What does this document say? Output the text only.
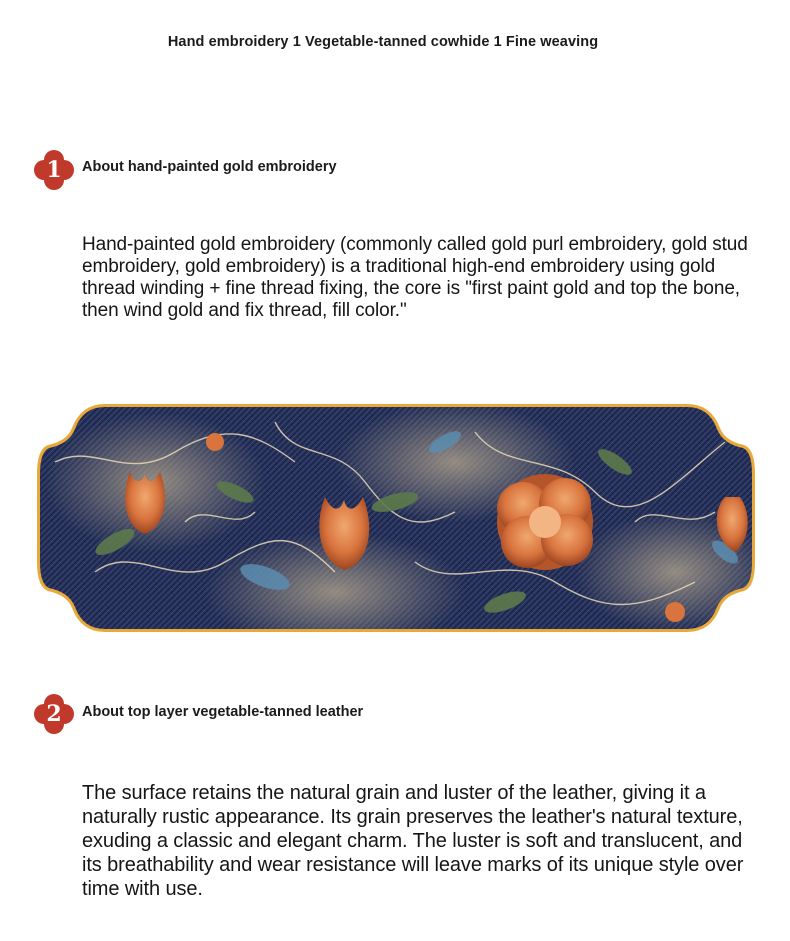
Hand embroidery 1 Vegetable-tanned cowhide 1 Fine weaving
1	About hand-painted gold embroidery
Hand-painted gold embroidery (commonly called gold purl embroidery, gold stud embroidery, gold embroidery) is a traditional high-end embroidery using gold thread winding + fine thread fixing, the core is "first paint gold and top the bone, then wind gold and fix thread, fill color."
2	About top layer vegetable-tanned leather
The surface retains the natural grain and luster of the leather, giving it a naturally rustic appearance. Its grain preserves the leather's natural texture, exuding a classic and elegant charm. The luster is soft and translucent, and its breathability and wear resistance will leave marks of its unique style over time with use.
